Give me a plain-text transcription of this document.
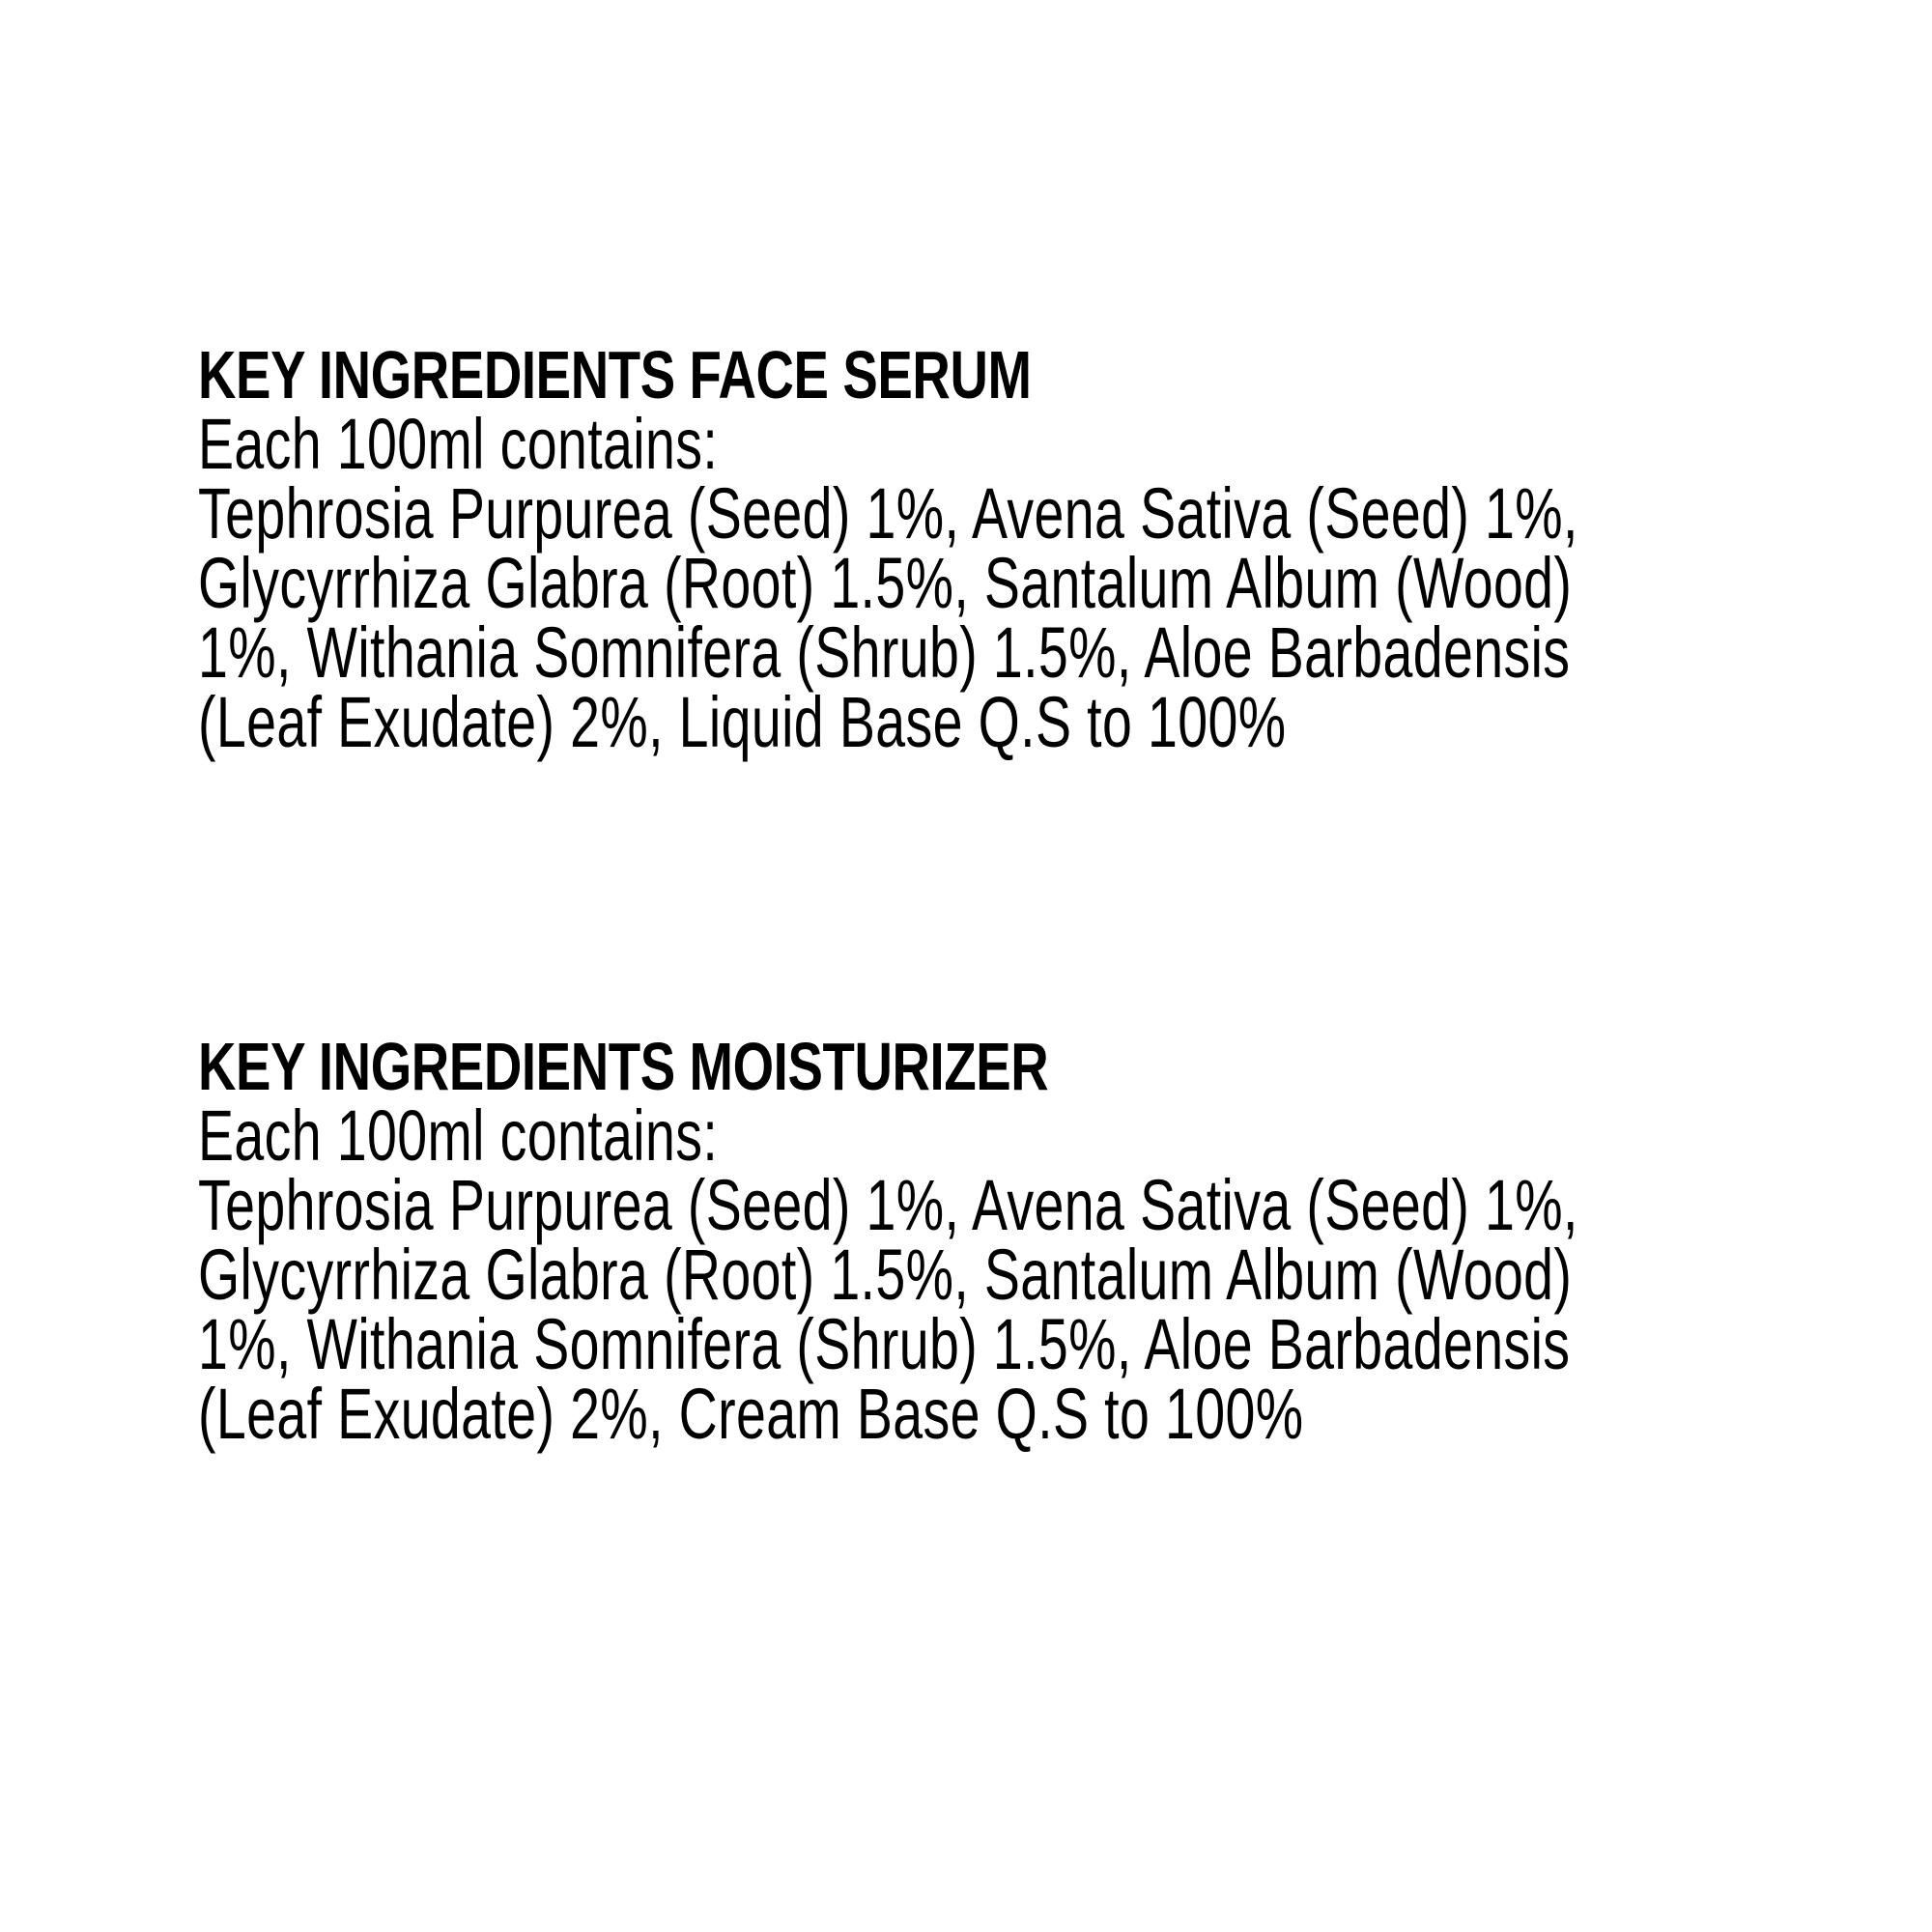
KEY INGREDIENTS FACE SERUM
Each 100ml contains:
Tephrosia Purpurea (Seed) 1%, Avena Sativa (Seed) 1%,
Glycyrrhiza Glabra (Root) 1.5%, Santalum Album (Wood)
1%, Withania Somnifera (Shrub) 1.5%, Aloe Barbadensis
(Leaf Exudate) 2%, Liquid Base Q.S to 100%
KEY INGREDIENTS MOISTURIZER
Each 100ml contains:
Tephrosia Purpurea (Seed) 1%, Avena Sativa (Seed) 1%,
Glycyrrhiza Glabra (Root) 1.5%, Santalum Album (Wood)
1%, Withania Somnifera (Shrub) 1.5%, Aloe Barbadensis
(Leaf Exudate) 2%, Cream Base Q.S to 100%
